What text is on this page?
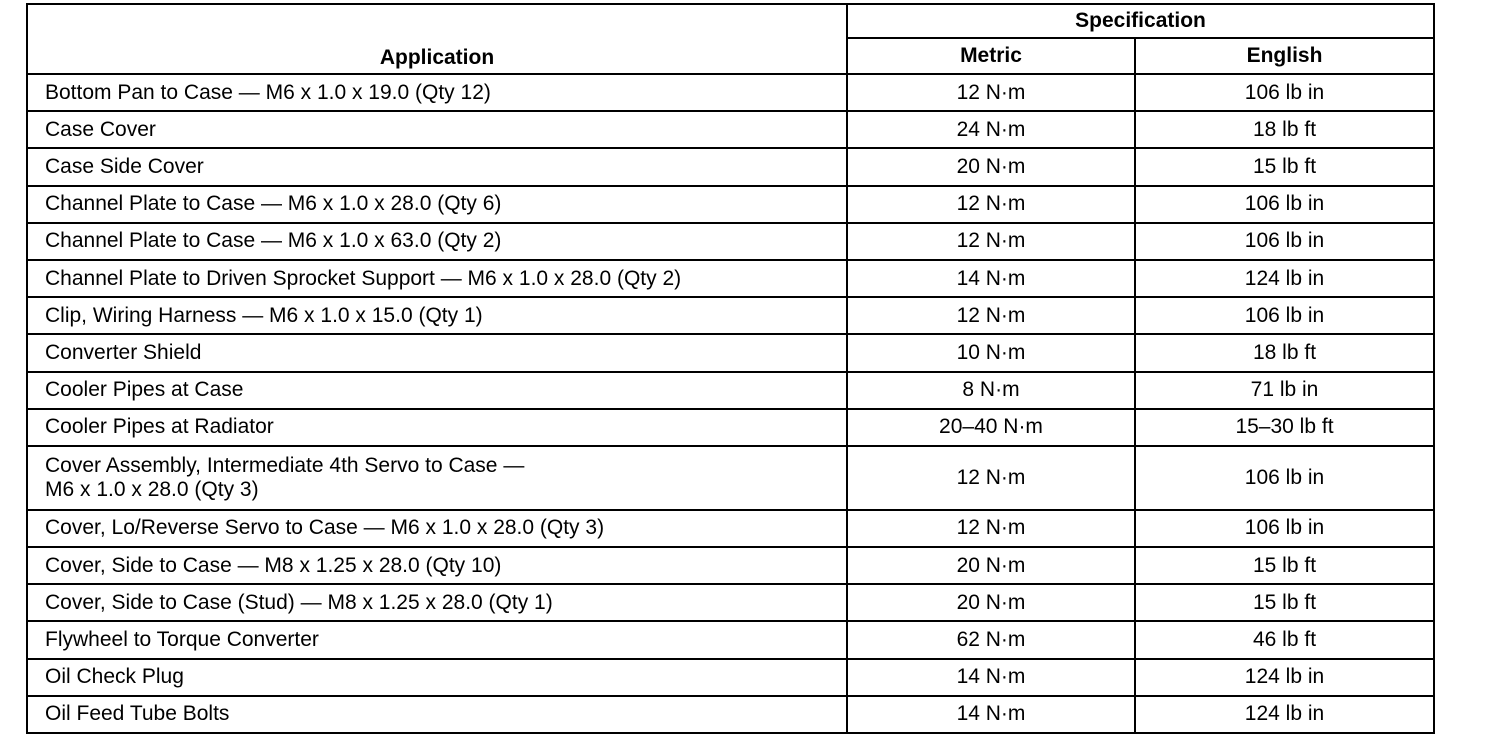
Application	Specification	
	Metric	English
Bottom Pan to Case — M6 x 1.0 x 19.0 (Qty 12)	12 N·m	106 lb in
Case Cover	24 N·m	18 lb ft
Case Side Cover	20 N·m	15 lb ft
Channel Plate to Case — M6 x 1.0 x 28.0 (Qty 6)	12 N·m	106 lb in
Channel Plate to Case — M6 x 1.0 x 63.0 (Qty 2)	12 N·m	106 lb in
Channel Plate to Driven Sprocket Support — M6 x 1.0 x 28.0 (Qty 2)	14 N·m	124 lb in
Clip, Wiring Harness — M6 x 1.0 x 15.0 (Qty 1)	12 N·m	106 lb in
Converter Shield	10 N·m	18 lb ft
Cooler Pipes at Case	8 N·m	71 lb in
Cooler Pipes at Radiator	20–40 N·m	15–30 lb ft

Cover Assembly, Intermediate 4th Servo to Case —
M6 x 1.0 x 28.0 (Qty 3)	12 N·m	106 lb in
Cover, Lo/Reverse Servo to Case — M6 x 1.0 x 28.0 (Qty 3)	12 N·m	106 lb in
Cover, Side to Case — M8 x 1.25 x 28.0 (Qty 10)	20 N·m	15 lb ft
Cover, Side to Case (Stud) — M8 x 1.25 x 28.0 (Qty 1)	20 N·m	15 lb ft
Flywheel to Torque Converter	62 N·m	46 lb ft
Oil Check Plug	14 N·m	124 lb in
Oil Feed Tube Bolts	14 N·m	124 lb in
